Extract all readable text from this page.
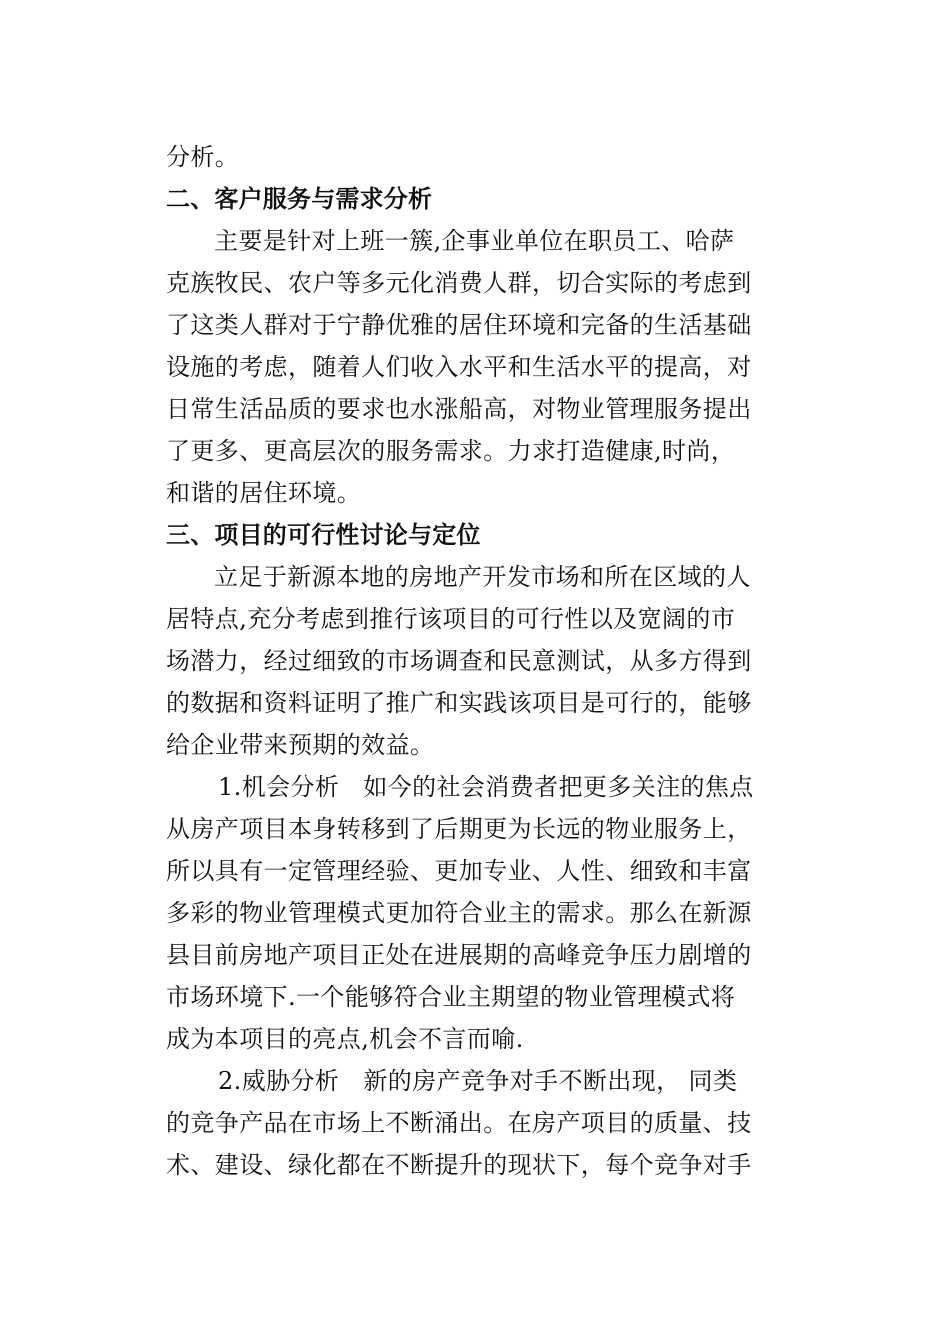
分析。
二、客户服务与需求分析
主要是针对上班一簇,企事业单位在职员工、哈萨
克族牧民、农户等多元化消费人群，切合实际的考虑到
了这类人群对于宁静优雅的居住环境和完备的生活基础
设施的考虑，随着人们收入水平和生活水平的提高，对
日常生活品质的要求也水涨船高，对物业管理服务提出
了更多、更高层次的服务需求。力求打造健康,时尚，
和谐的居住环境。
三、项目的可行性讨论与定位
立足于新源本地的房地产开发市场和所在区域的人
居特点,充分考虑到推行该项目的可行性以及宽阔的市
场潜力，经过细致的市场调查和民意测试，从多方得到
的数据和资料证明了推广和实践该项目是可行的，能够
给企业带来预期的效益。
1.机会分析 如今的社会消费者把更多关注的焦点
从房产项目本身转移到了后期更为长远的物业服务上，
所以具有一定管理经验、更加专业、人性、细致和丰富
多彩的物业管理模式更加符合业主的需求。那么在新源
县目前房地产项目正处在进展期的高峰竞争压力剧增的
市场环境下.一个能够符合业主期望的物业管理模式将
成为本项目的亮点,机会不言而喻.
2.威胁分析 新的房产竞争对手不断出现， 同类
的竞争产品在市场上不断涌出。在房产项目的质量、技
术、建设、绿化都在不断提升的现状下，每个竞争对手
